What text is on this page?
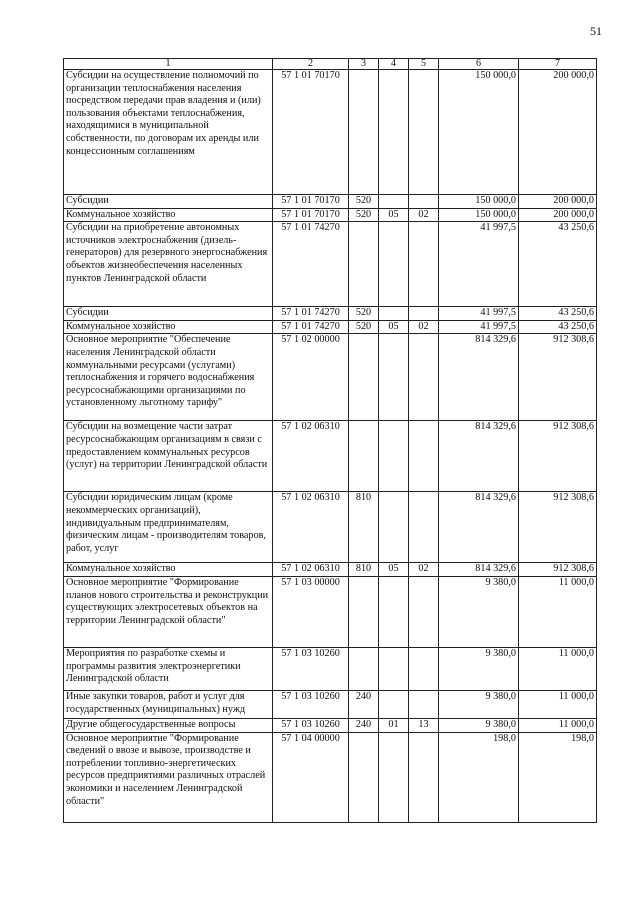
51
1	2	3	4	5	6	7
Субсидии на осуществление полномочий по организации теплоснабжения населения посредством передачи прав владения и (или) пользования объектами теплоснабжения, находящимися в муниципальной собственности, по договорам их аренды или концессионным соглашениям	57 1 01 70170				150 000,0	200 000,0
Субсидии	57 1 01 70170	520			150 000,0	200 000,0
Коммунальное хозяйство	57 1 01 70170	520	05	02	150 000,0	200 000,0
Субсидии на приобретение автономных источников электроснабжения (дизель-генераторов) для резервного энергоснабжения объектов жизнеобеспечения населенных пунктов Ленинградской области	57 1 01 74270				41 997,5	43 250,6
Субсидии	57 1 01 74270	520			41 997,5	43 250,6
Коммунальное хозяйство	57 1 01 74270	520	05	02	41 997,5	43 250,6
Основное мероприятие "Обеспечение населения Ленинградской области коммунальными ресурсами (услугами) теплоснабжения и горячего водоснабжения ресурсоснабжающими организациями по установленному льготному тарифу"	57 1 02 00000				814 329,6	912 308,6
Субсидии на возмещение части затрат ресурсоснабжающим организациям в связи с предоставлением коммунальных ресурсов (услуг) на территории Ленинградской области	57 1 02 06310				814 329,6	912 308,6
Субсидии юридическим лицам (кроме некоммерческих организаций), индивидуальным предпринимателям, физическим лицам - производителям товаров, работ, услуг	57 1 02 06310	810			814 329,6	912 308,6
Коммунальное хозяйство	57 1 02 06310	810	05	02	814 329,6	912 308,6
Основное мероприятие "Формирование планов нового строительства и реконструкции существующих электросетевых объектов на территории Ленинградской области"	57 1 03 00000				9 380,0	11 000,0
Мероприятия по разработке схемы и программы развития электроэнергетики Ленинградской области	57 1 03 10260				9 380,0	11 000,0
Иные закупки товаров, работ и услуг для государственных (муниципальных) нужд	57 1 03 10260	240			9 380,0	11 000,0
Другие общегосударственные вопросы	57 1 03 10260	240	01	13	9 380,0	11 000,0
Основное мероприятие "Формирование сведений о ввозе и вывозе, производстве и потреблении топливно-энергетических ресурсов предприятиями различных отраслей экономики и населением Ленинградской области"	57 1 04 00000				198,0	198,0
